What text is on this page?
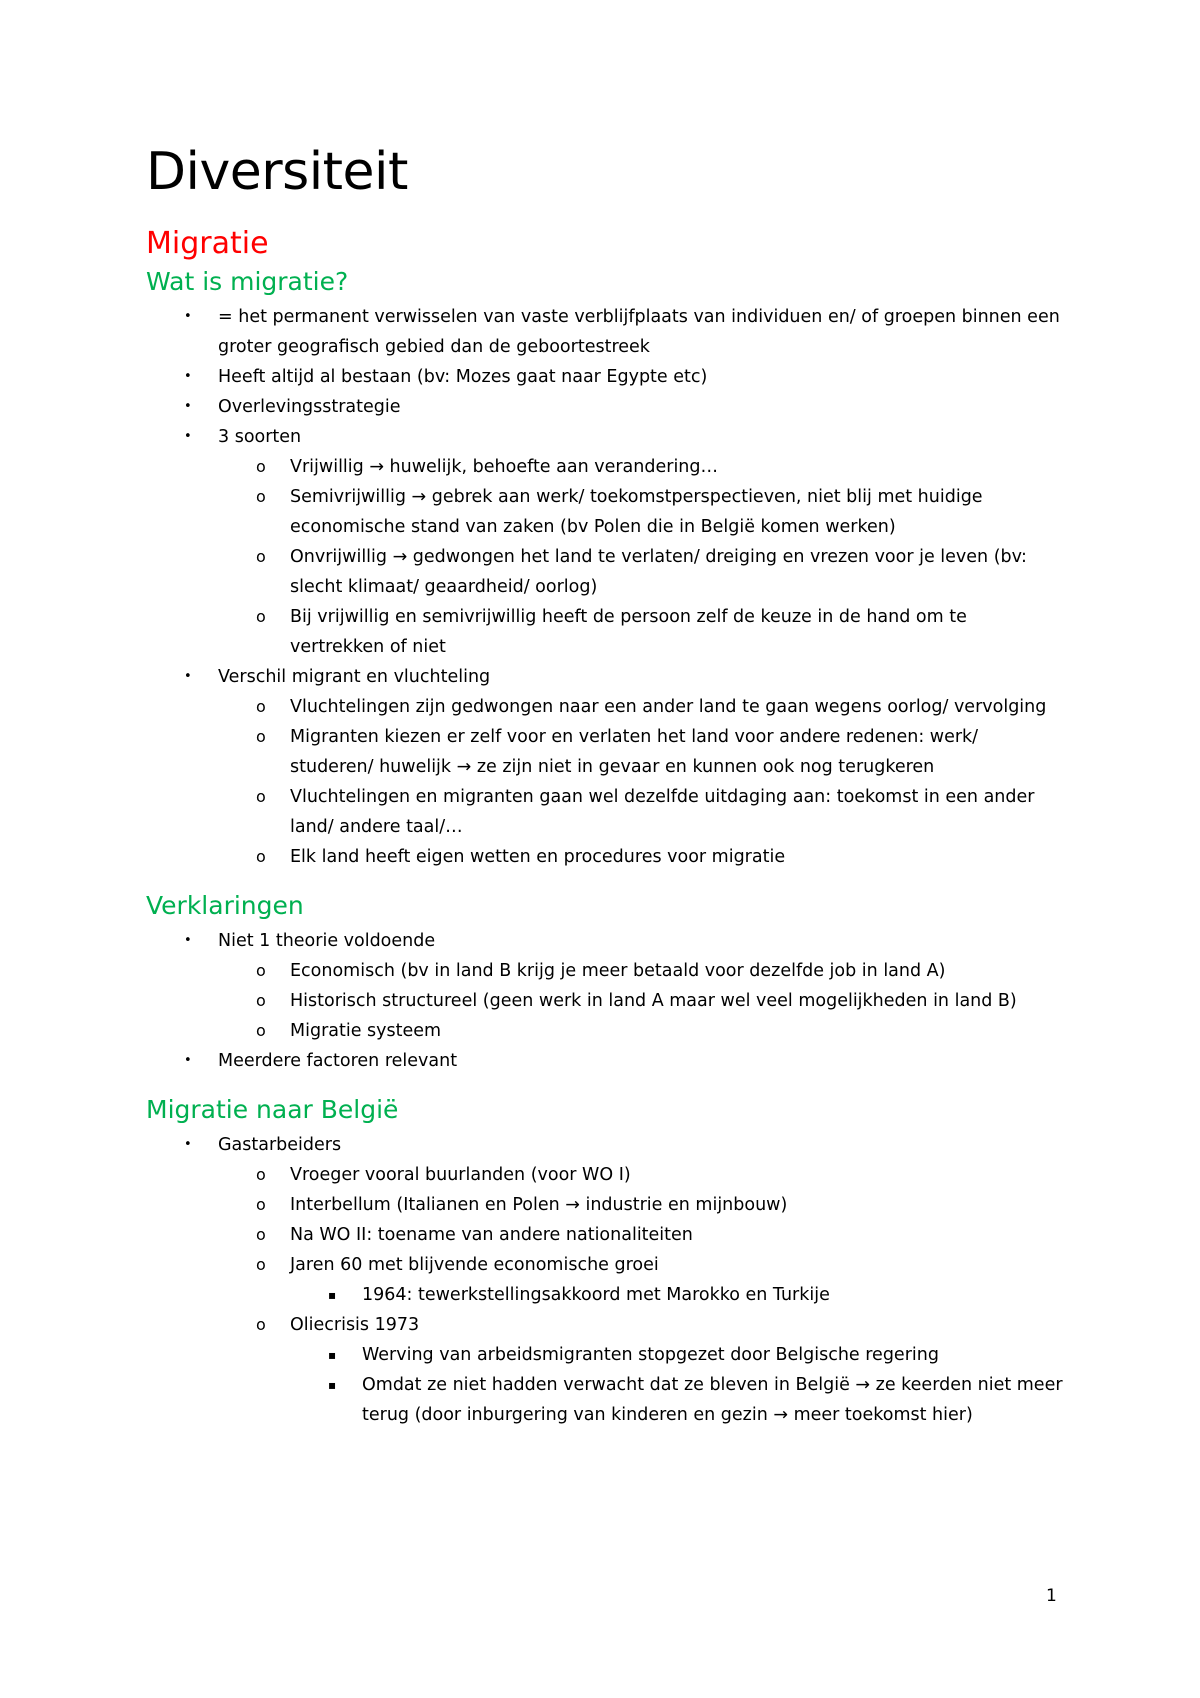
Diversiteit
Migratie
Wat is migratie?
• = het permanent verwisselen van vaste verblijfplaats van individuen en/ of groepen binnen een groter geografisch gebied dan de geboortestreek
• Heeft altijd al bestaan (bv: Mozes gaat naar Egypte etc)
• Overlevingsstrategie
• 3 soorten
o Vrijwillig → huwelijk, behoefte aan verandering…
o Semivrijwillig → gebrek aan werk/ toekomstperspectieven, niet blij met huidige economische stand van zaken (bv Polen die in België komen werken)
o Onvrijwillig → gedwongen het land te verlaten/ dreiging en vrezen voor je leven (bv: slecht klimaat/ geaardheid/ oorlog)
o Bij vrijwillig en semivrijwillig heeft de persoon zelf de keuze in de hand om te vertrekken of niet
• Verschil migrant en vluchteling
o Vluchtelingen zijn gedwongen naar een ander land te gaan wegens oorlog/ vervolging
o Migranten kiezen er zelf voor en verlaten het land voor andere redenen: werk/ studeren/ huwelijk → ze zijn niet in gevaar en kunnen ook nog terugkeren
o Vluchtelingen en migranten gaan wel dezelfde uitdaging aan: toekomst in een ander land/ andere taal/…
o Elk land heeft eigen wetten en procedures voor migratie
Verklaringen
• Niet 1 theorie voldoende
o Economisch (bv in land B krijg je meer betaald voor dezelfde job in land A)
o Historisch structureel (geen werk in land A maar wel veel mogelijkheden in land B)
o Migratie systeem
• Meerdere factoren relevant
Migratie naar België
• Gastarbeiders
o Vroeger vooral buurlanden (voor WO I)
o Interbellum (Italianen en Polen → industrie en mijnbouw)
o Na WO II: toename van andere nationaliteiten
o Jaren 60 met blijvende economische groei
▪ 1964: tewerkstellingsakkoord met Marokko en Turkije
o Oliecrisis 1973
▪ Werving van arbeidsmigranten stopgezet door Belgische regering
▪ Omdat ze niet hadden verwacht dat ze bleven in België → ze keerden niet meer terug (door inburgering van kinderen en gezin → meer toekomst hier)
1
